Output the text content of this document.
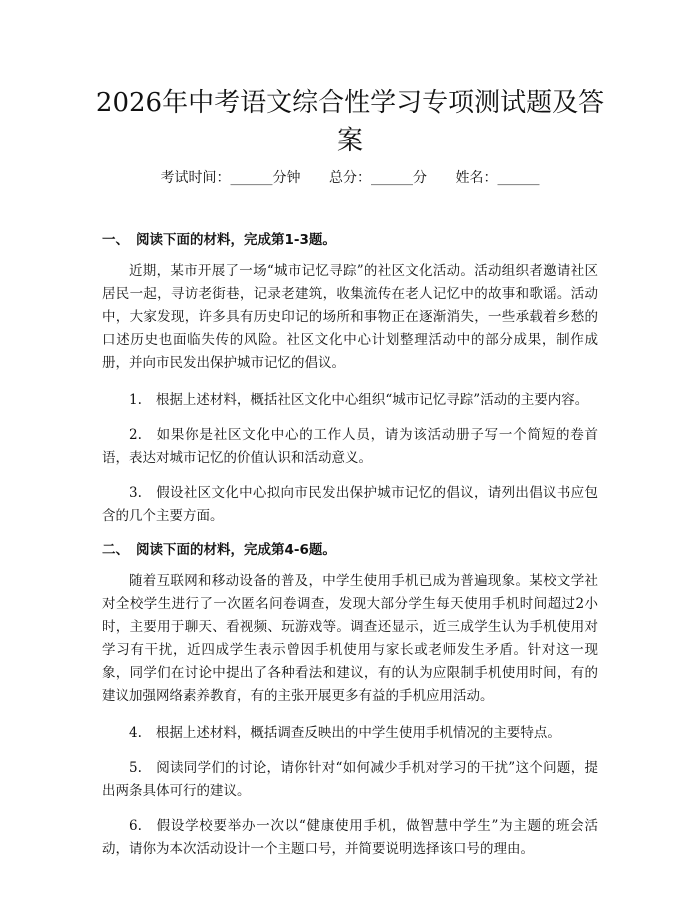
2026年中考语文综合性学习专项测试题及答案
考试时间：______分钟 总分：______分 姓名：______

一、 阅读下面的材料，完成第1-3题。

近期，某市开展了一场“城市记忆寻踪”的社区文化活动。活动组织者邀请社区居民一起，寻访老街巷，记录老建筑，收集流传在老人记忆中的故事和歌谣。活动中，大家发现，许多具有历史印记的场所和事物正在逐渐消失，一些承载着乡愁的口述历史也面临失传的风险。社区文化中心计划整理活动中的部分成果，制作成册，并向市民发出保护城市记忆的倡议。

1. 根据上述材料，概括社区文化中心组织“城市记忆寻踪”活动的主要内容。

2. 如果你是社区文化中心的工作人员，请为该活动册子写一个简短的卷首语，表达对城市记忆的价值认识和活动意义。

3. 假设社区文化中心拟向市民发出保护城市记忆的倡议，请列出倡议书应包含的几个主要方面。

二、 阅读下面的材料，完成第4-6题。

随着互联网和移动设备的普及，中学生使用手机已成为普遍现象。某校文学社对全校学生进行了一次匿名问卷调查，发现大部分学生每天使用手机时间超过2小时，主要用于聊天、看视频、玩游戏等。调查还显示，近三成学生认为手机使用对学习有干扰，近四成学生表示曾因手机使用与家长或老师发生矛盾。针对这一现象，同学们在讨论中提出了各种看法和建议，有的认为应限制手机使用时间，有的建议加强网络素养教育，有的主张开展更多有益的手机应用活动。

4. 根据上述材料，概括调查反映出的中学生使用手机情况的主要特点。

5. 阅读同学们的讨论，请你针对“如何减少手机对学习的干扰”这个问题，提出两条具体可行的建议。

6. 假设学校要举办一次以“健康使用手机，做智慧中学生”为主题的班会活动，请你为本次活动设计一个主题口号，并简要说明选择该口号的理由。
